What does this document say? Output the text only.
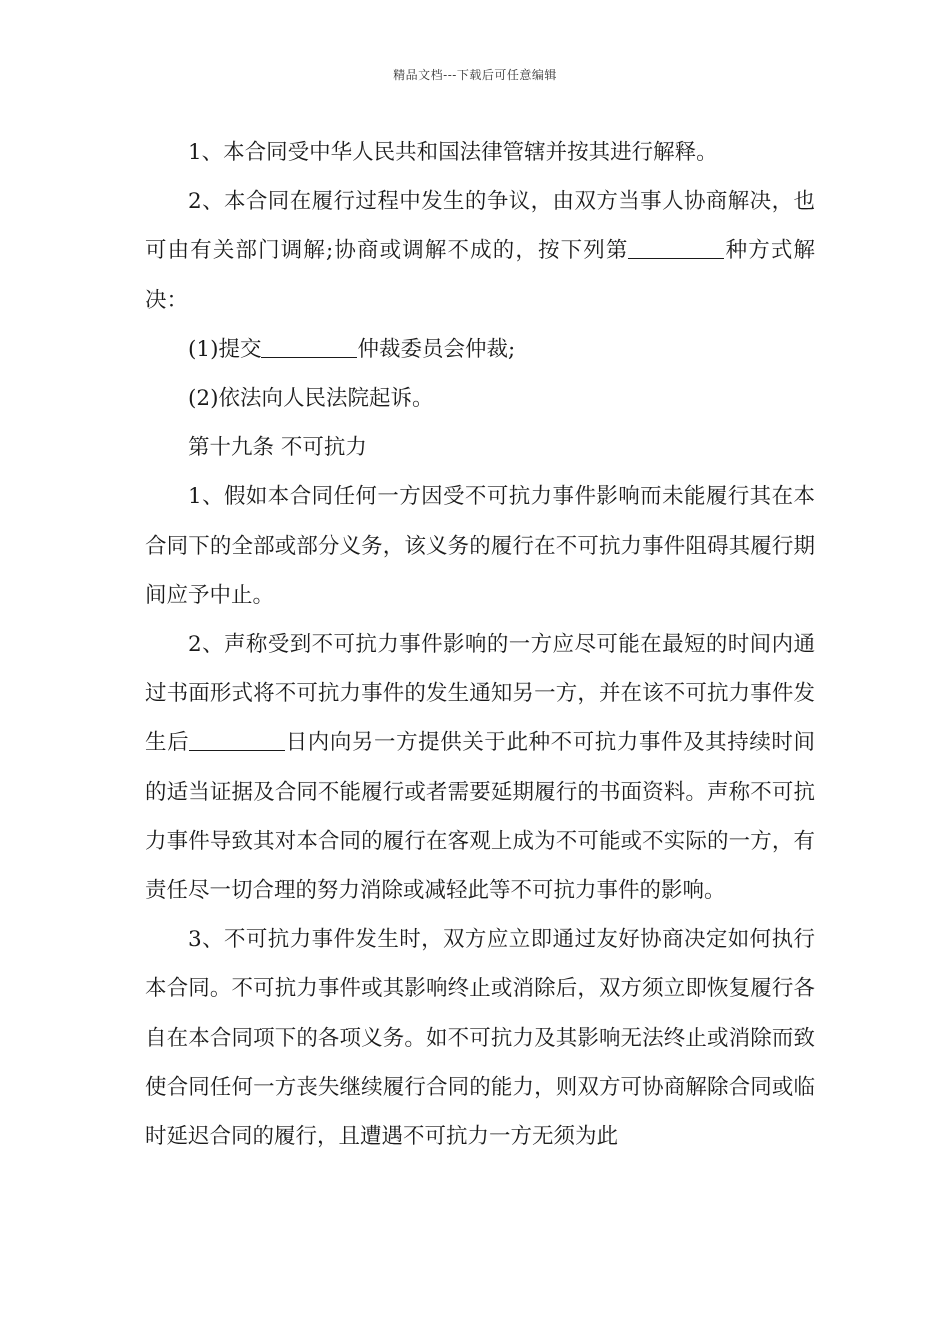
精品文档---下载后可任意编辑

1、本合同受中华人民共和国法律管辖并按其进行解释。

2、本合同在履行过程中发生的争议，由双方当事人协商解决，也可由有关部门调解;协商或调解不成的，按下列第	种方式解决：

(1)提交	仲裁委员会仲裁;

(2)依法向人民法院起诉。

第十九条 不可抗力

1、假如本合同任何一方因受不可抗力事件影响而未能履行其在本合同下的全部或部分义务，该义务的履行在不可抗力事件阻碍其履行期间应予中止。

2、声称受到不可抗力事件影响的一方应尽可能在最短的时间内通过书面形式将不可抗力事件的发生通知另一方，并在该不可抗力事件发生后	日内向另一方提供关于此种不可抗力事件及其持续时间的适当证据及合同不能履行或者需要延期履行的书面资料。声称不可抗力事件导致其对本合同的履行在客观上成为不可能或不实际的一方，有责任尽一切合理的努力消除或减轻此等不可抗力事件的影响。

3、不可抗力事件发生时，双方应立即通过友好协商决定如何执行本合同。不可抗力事件或其影响终止或消除后，双方须立即恢复履行各自在本合同项下的各项义务。如不可抗力及其影响无法终止或消除而致使合同任何一方丧失继续履行合同的能力，则双方可协商解除合同或临时延迟合同的履行，且遭遇不可抗力一方无须为此
